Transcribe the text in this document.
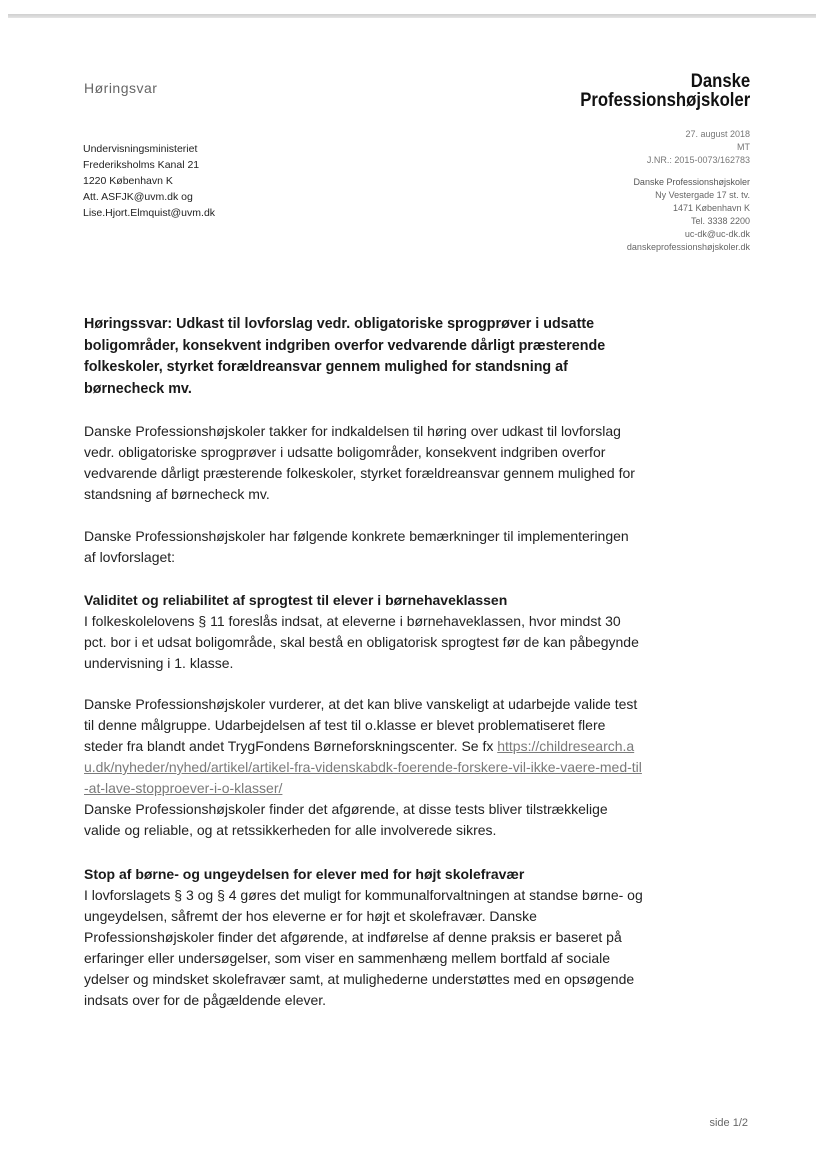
Høringsvar	Danske
Professionshøjskoler
Undervisningsministeriet
Frederiksholms Kanal 21
1220 København K
Att. ASFJK@uvm.dk og
Lise.Hjort.Elmquist@uvm.dk
27. august 2018
MT
J.NR.: 2015-0073/162783
Danske Professionshøjskoler
Ny Vestergade 17 st. tv.
1471 København K
Tel. 3338 2200
uc-dk@uc-dk.dk
danskeprofessionshøjskoler.dk
Høringssvar: Udkast til lovforslag vedr. obligatoriske sprogprøver i udsatte boligområder, konsekvent indgriben overfor vedvarende dårligt præsterende folkeskoler, styrket forældreansvar gennem mulighed for standsning af børnecheck mv.
Danske Professionshøjskoler takker for indkaldelsen til høring over udkast til lovforslag vedr. obligatoriske sprogprøver i udsatte boligområder, konsekvent indgriben overfor vedvarende dårligt præsterende folkeskoler, styrket forældreansvar gennem mulighed for standsning af børnecheck mv.
Danske Professionshøjskoler har følgende konkrete bemærkninger til implementeringen af lovforslaget:
Validitet og reliabilitet af sprogtest til elever i børnehaveklassen
I folkeskolelovens § 11 foreslås indsat, at eleverne i børnehaveklassen, hvor mindst 30 pct. bor i et udsat boligområde, skal bestå en obligatorisk sprogtest før de kan påbegynde undervisning i 1. klasse.
Danske Professionshøjskoler vurderer, at det kan blive vanskeligt at udarbejde valide test til denne målgruppe. Udarbejdelsen af test til o.klasse er blevet problematiseret flere steder fra blandt andet TrygFondens Børneforskningscenter. Se fx https://childresearch.au.dk/nyheder/nyhed/artikel/artikel-fra-videnskabdk-foerende-forskere-vil-ikke-vaere-med-til-at-lave-stopproever-i-o-klasser/
Danske Professionshøjskoler finder det afgørende, at disse tests bliver tilstrækkelige valide og reliable, og at retssikkerheden for alle involverede sikres.
Stop af børne- og ungeydelsen for elever med for højt skolefravær
I lovforslagets § 3 og § 4 gøres det muligt for kommunalforvaltningen at standse børne- og ungeydelsen, såfremt der hos eleverne er for højt et skolefravær. Danske Professionshøjskoler finder det afgørende, at indførelse af denne praksis er baseret på erfaringer eller undersøgelser, som viser en sammenhæng mellem bortfald af sociale ydelser og mindsket skolefravær samt, at mulighederne understøttes med en opsøgende indsats over for de pågældende elever.
side 1/2
